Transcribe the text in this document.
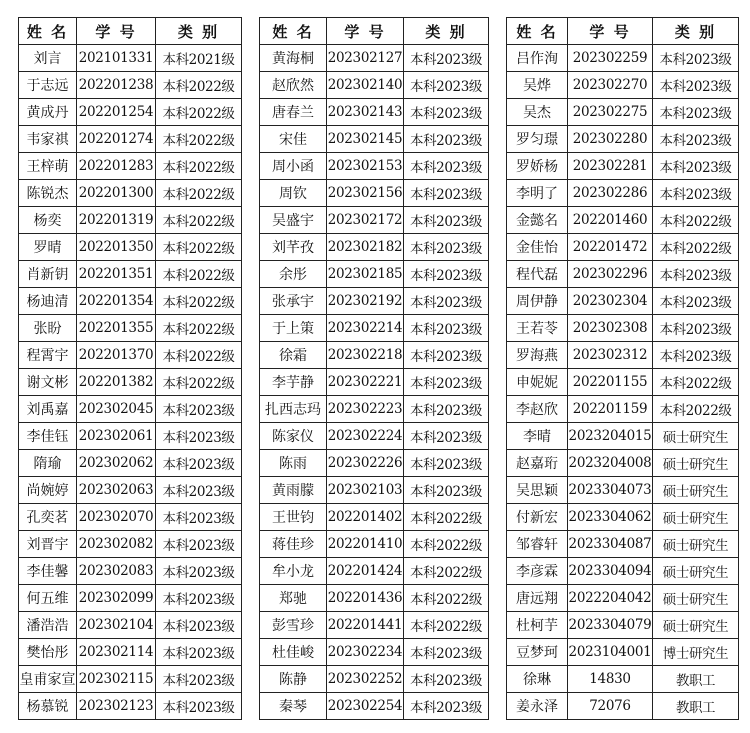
姓 名	学 号	类 别
刘言	202101331	本科2021级
于志远	202201238	本科2022级
黄成丹	202201254	本科2022级
韦家祺	202201274	本科2022级
王梓萌	202201283	本科2022级
陈锐杰	202201300	本科2022级
杨奕	202201319	本科2022级
罗晴	202201350	本科2022级
肖新钥	202201351	本科2022级
杨迪清	202201354	本科2022级
张盼	202201355	本科2022级
程霄宇	202201370	本科2022级
谢文彬	202201382	本科2022级
刘禹嘉	202302045	本科2023级
李佳钰	202302061	本科2023级
隋瑜	202302062	本科2023级
尚婉婷	202302063	本科2023级
孔奕茗	202302070	本科2023级
刘晋宇	202302082	本科2023级
李佳馨	202302083	本科2023级
何五维	202302099	本科2023级
潘浩浩	202302104	本科2023级
樊怡彤	202302114	本科2023级
皇甫家宣	202302115	本科2023级
杨慕锐	202302123	本科2023级
姓 名	学 号	类 别
黄海桐	202302127	本科2023级
赵欣然	202302140	本科2023级
唐春兰	202302143	本科2023级
宋佳	202302145	本科2023级
周小函	202302153	本科2023级
周钦	202302156	本科2023级
吴盛宇	202302172	本科2023级
刘芊孜	202302182	本科2023级
余彤	202302185	本科2023级
张承宇	202302192	本科2023级
于上策	202302214	本科2023级
徐霜	202302218	本科2023级
李芋静	202302221	本科2023级
扎西志玛	202302223	本科2023级
陈家仪	202302224	本科2023级
陈雨	202302226	本科2023级
黄雨朦	202302103	本科2023级
王世钧	202201402	本科2022级
蒋佳珍	202201410	本科2022级
牟小龙	202201424	本科2022级
郑驰	202201436	本科2022级
彭雪珍	202201441	本科2022级
杜佳峻	202302234	本科2023级
陈静	202302252	本科2023级
秦琴	202302254	本科2023级
姓 名	学 号	类 别
吕作洵	202302259	本科2023级
吴烨	202302270	本科2023级
吴杰	202302275	本科2023级
罗匀璟	202302280	本科2023级
罗娇杨	202302281	本科2023级
李明了	202302286	本科2023级
金懿名	202201460	本科2022级
金佳怡	202201472	本科2022级
程代磊	202302296	本科2023级
周伊静	202302304	本科2023级
王若苓	202302308	本科2023级
罗海燕	202302312	本科2023级
申妮妮	202201155	本科2022级
李赵欣	202201159	本科2022级
李晴	2023204015	硕士研究生
赵嘉珩	2023204008	硕士研究生
吴思颖	2023304073	硕士研究生
付新宏	2023304062	硕士研究生
邹睿轩	2023304087	硕士研究生
李彦霖	2023304094	硕士研究生
唐远翔	2022204042	硕士研究生
杜柯芋	2023304079	硕士研究生
豆梦珂	2023104001	博士研究生
徐琳	14830	教职工
姜永泽	72076	教职工
